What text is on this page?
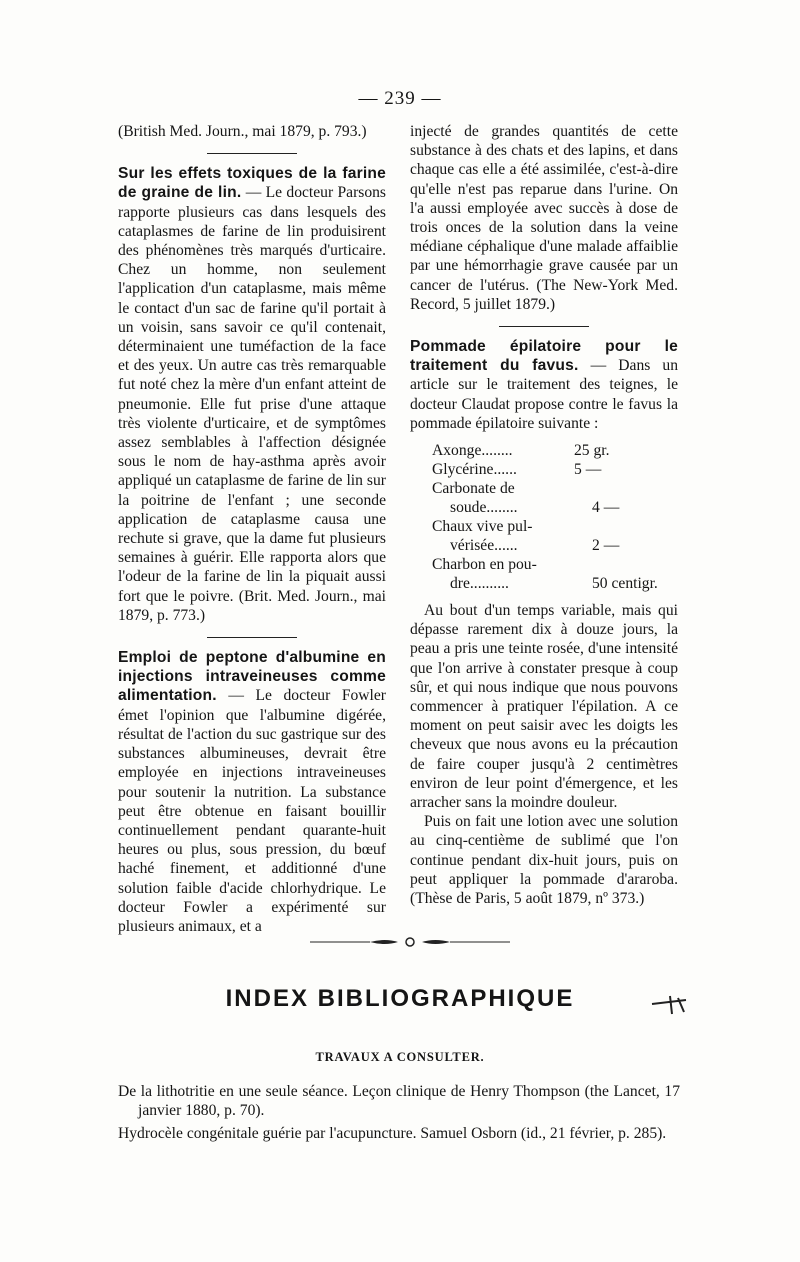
— 239 —

(British Med. Journ., mai 1879, p. 793.)

Sur les effets toxiques de la farine de graine de lin. — Le docteur Parsons rapporte plusieurs cas dans lesquels des cataplasmes de farine de lin produisirent des phénomènes très marqués d'urticaire. Chez un homme, non seulement l'application d'un cataplasme, mais même le contact d'un sac de farine qu'il portait à un voisin, sans savoir ce qu'il contenait, déterminaient une tuméfaction de la face et des yeux. Un autre cas très remarquable fut noté chez la mère d'un enfant atteint de pneumonie. Elle fut prise d'une attaque très violente d'urticaire, et de symptômes assez semblables à l'affection désignée sous le nom de hay-asthma après avoir appliqué un cataplasme de farine de lin sur la poitrine de l'enfant ; une seconde application de cataplasme causa une rechute si grave, que la dame fut plusieurs semaines à guérir. Elle rapporta alors que l'odeur de la farine de lin la piquait aussi fort que le poivre. (Brit. Med. Journ., mai 1879, p. 773.)

Emploi de peptone d'albumine en injections intraveineuses comme alimentation. — Le docteur Fowler émet l'opinion que l'albumine digérée, résultat de l'action du suc gastrique sur des substances albumineuses, devrait être employée en injections intraveineuses pour soutenir la nutrition. La substance peut être obtenue en faisant bouillir continuellement pendant quarante-huit heures ou plus, sous pression, du bœuf haché finement, et additionné d'une solution faible d'acide chlorhydrique. Le docteur Fowler a expérimenté sur plusieurs animaux, et a

injecté de grandes quantités de cette substance à des chats et des lapins, et dans chaque cas elle a été assimilée, c'est-à-dire qu'elle n'est pas reparue dans l'urine. On l'a aussi employée avec succès à dose de trois onces de la solution dans la veine médiane céphalique d'une malade affaiblie par une hémorrhagie grave causée par un cancer de l'utérus. (The New-York Med. Record, 5 juillet 1879.)

Pommade épilatoire pour le traitement du favus. — Dans un article sur le traitement des teignes, le docteur Claudat propose contre le favus la pommade épilatoire suivante :

Axonge........	25 gr.
Glycérine......	5 —
Carbonate de
soude........	4 —
Chaux vive pul-
vérisée......	2 —
Charbon en pou-
dre..........	50 centigr.

Au bout d'un temps variable, mais qui dépasse rarement dix à douze jours, la peau a pris une teinte rosée, d'une intensité que l'on arrive à constater presque à coup sûr, et qui nous indique que nous pouvons commencer à pratiquer l'épilation. A ce moment on peut saisir avec les doigts les cheveux que nous avons eu la précaution de faire couper jusqu'à 2 centimètres environ de leur point d'émergence, et les arracher sans la moindre douleur.

Puis on fait une lotion avec une solution au cinq-centième de sublimé que l'on continue pendant dix-huit jours, puis on peut appliquer la pommade d'araroba. (Thèse de Paris, 5 août 1879, nº 373.)

INDEX BIBLIOGRAPHIQUE
TRAVAUX A CONSULTER.
De la lithotritie en une seule séance. Leçon clinique de Henry Thompson (the Lancet, 17 janvier 1880, p. 70).
Hydrocèle congénitale guérie par l'acupuncture. Samuel Osborn (id., 21 février, p. 285).
